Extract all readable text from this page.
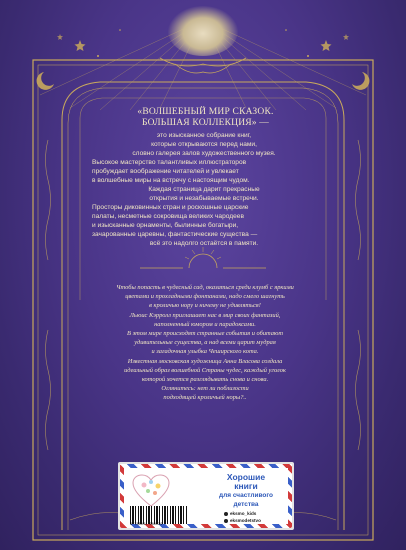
«ВОЛШЕБНЫЙ МИР СКАЗОК. БОЛЬШАЯ КОЛЛЕКЦИЯ» —

это изысканное собрание книг,

которые открываются перед нами,

словно галерея залов художественного музея.

Высокое мастерство талантливых иллюстраторов

пробуждает воображение читателей и увлекает

в волшебные миры на встречу с настоящим чудом.

Каждая страница дарит прекрасные

открытия и незабываемые встречи.

Просторы диковинных стран и роскошные царские

палаты, несметные сокровища великих чародеев

и изысканные орнаменты, былинные богатыри,

зачарованные царевны, фантастические существа —

всё это надолго остаётся в памяти.

Чтобы попасть в чудесный сад, оказаться среди клумб с яркими
цветами и прохладными фонтанами, надо смело шагнуть
в кроличью нору и ничему не удивляться!
Льюис Кэрролл приглашает нас в мир своих фантазий,
наполненный юмором и парадоксами.
В этом мире происходят странные события и обитают
удивительные существа, а над всеми царит мудрая
и загадочная улыбка Чеширского кота.
Известная московская художница Анна Власова создала
идеальный образ волшебной Страны чудес, каждый уголок
которой хочется разглядывать снова и снова.
Оглянитесь: нет ли поблизости
подходящей кроличьей норы?..
Хорошие
книги
для счастливого
детства
9 785041 680039
eksmo_kids
eksmodetstvo
